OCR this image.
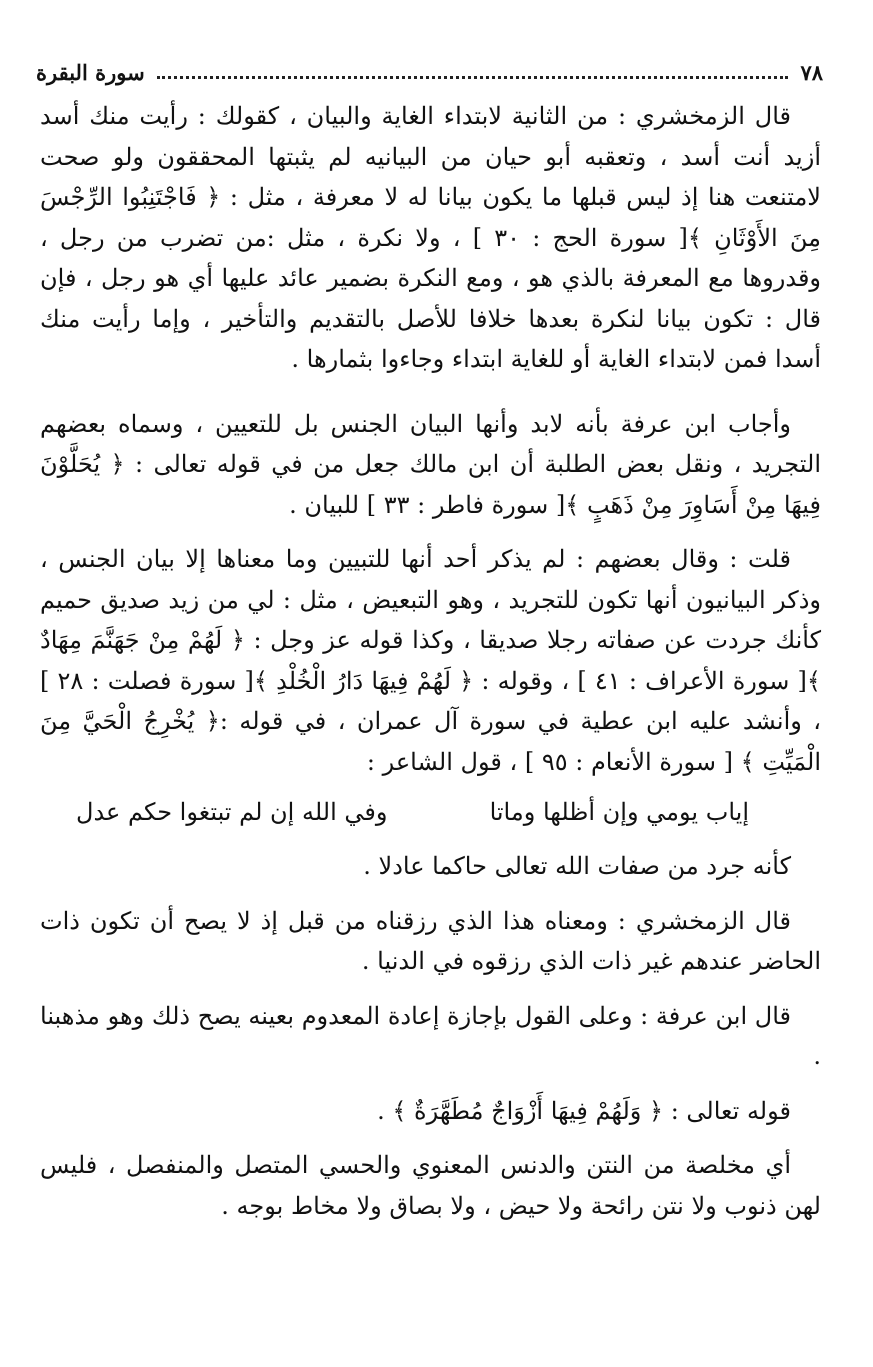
٧٨
سورة البقرة

قال الزمخشري : من الثانية لابتداء الغاية والبيان ، كقولك : رأيت منك أسد أزيد أنت أسد ، وتعقبه أبو حيان من البيانيه لم يثبتها المحققون ولو صحت لامتنعت هنا إذ ليس قبلها ما يكون بيانا له لا معرفة ، مثل : ﴿ فَاجْتَنِبُوا الرِّجْسَ مِنَ الأَوْثَانِ ﴾[ سورة الحج : ٣٠ ] ، ولا نكرة ، مثل :من تضرب من رجل ، وقدروها مع المعرفة بالذي هو ، ومع النكرة بضمير عائد عليها أي هو رجل ، فإن قال : تكون بيانا لنكرة بعدها خلافا للأصل بالتقديم والتأخير ، وإما رأيت منك أسدا فمن لابتداء الغاية أو للغاية ابتداء وجاءوا بثمارها .

وأجاب ابن عرفة بأنه لابد وأنها البيان الجنس بل للتعيين ، وسماه بعضهم التجريد ، ونقل بعض الطلبة أن ابن مالك جعل من في قوله تعالى : ﴿ يُحَلَّوْنَ فِيهَا مِنْ أَسَاوِرَ مِنْ ذَهَبٍ ﴾[ سورة فاطر : ٣٣ ] للبيان .

قلت : وقال بعضهم : لم يذكر أحد أنها للتبيين وما معناها إلا بيان الجنس ، وذكر البيانيون أنها تكون للتجريد ، وهو التبعيض ، مثل : لي من زيد صديق حميم كأنك جردت عن صفاته رجلا صديقا ، وكذا قوله عز وجل : ﴿ لَهُمْ مِنْ جَهَنَّمَ مِهَادٌ ﴾[ سورة الأعراف : ٤١ ] ، وقوله : ﴿ لَهُمْ فِيهَا دَارُ الْخُلْدِ ﴾[ سورة فصلت : ٢٨ ] ، وأنشد عليه ابن عطية في سورة آل عمران ، في قوله :﴿ يُخْرِجُ الْحَيَّ مِنَ الْمَيِّتِ ﴾ [ سورة الأنعام : ٩٥ ] ، قول الشاعر :

إياب يومي وإن أظلها وماتا
وفي الله إن لم تبتغوا حكم عدل

كأنه جرد من صفات الله تعالى حاكما عادلا .

قال الزمخشري : ومعناه هذا الذي رزقناه من قبل إذ لا يصح أن تكون ذات الحاضر عندهم غير ذات الذي رزقوه في الدنيا .

قال ابن عرفة : وعلى القول بإجازة إعادة المعدوم بعينه يصح ذلك وهو مذهبنا .

قوله تعالى : ﴿ وَلَهُمْ فِيهَا أَزْوَاجٌ مُطَهَّرَةٌ ﴾ .

أي مخلصة من النتن والدنس المعنوي والحسي المتصل والمنفصل ، فليس لهن ذنوب ولا نتن رائحة ولا حيض ، ولا بصاق ولا مخاط بوجه .
